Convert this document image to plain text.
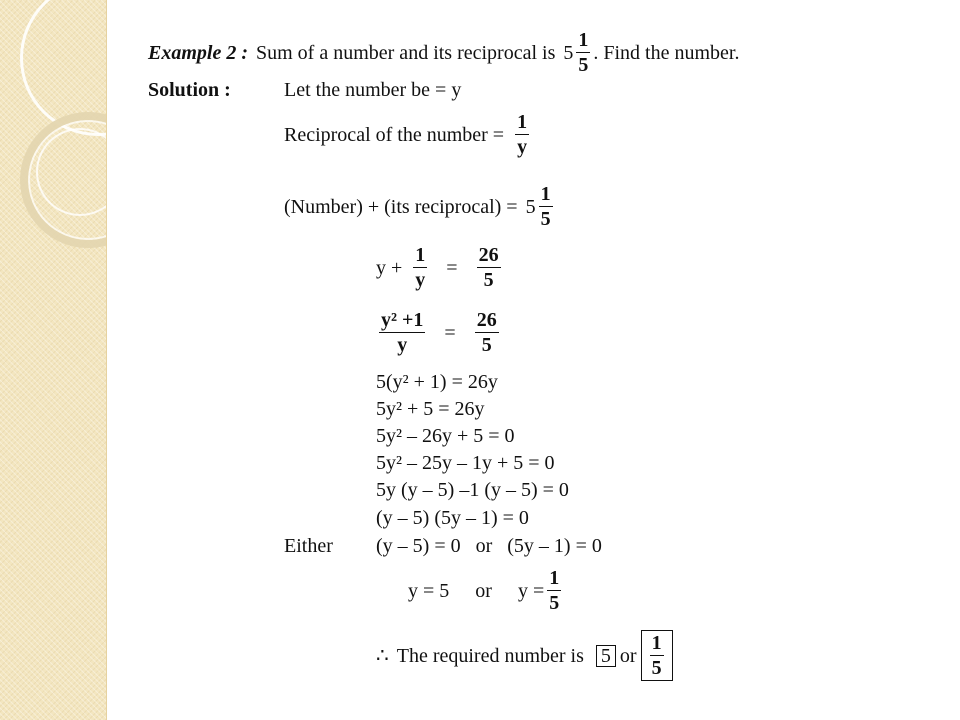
Example 2 : Sum of a number and its reciprocal is $5 \frac{1}{5}$ . Find the number.
Solution :	Let the number be = y
Reciprocal of the number = $\frac{1}{y}$
(Number) + (its reciprocal) = $5 \frac{1}{5}$
$y + \frac{1}{y} = \frac{26}{5}$
$\frac{\text{y² +1}}{y} = \frac{26}{5}$
5(y² + 1) = 26y
5y² + 5 = 26y
5y² – 26y + 5 = 0
5y² – 25y – 1y + 5 = 0
5y (y – 5) –1 (y – 5) = 0
(y – 5) (5y – 1) = 0
Either (y – 5) = 0   or   (5y – 1) = 0
y = 5 or $y = \frac{1}{5}$
∴ The required number is 5 or $\frac{1}{5}$
